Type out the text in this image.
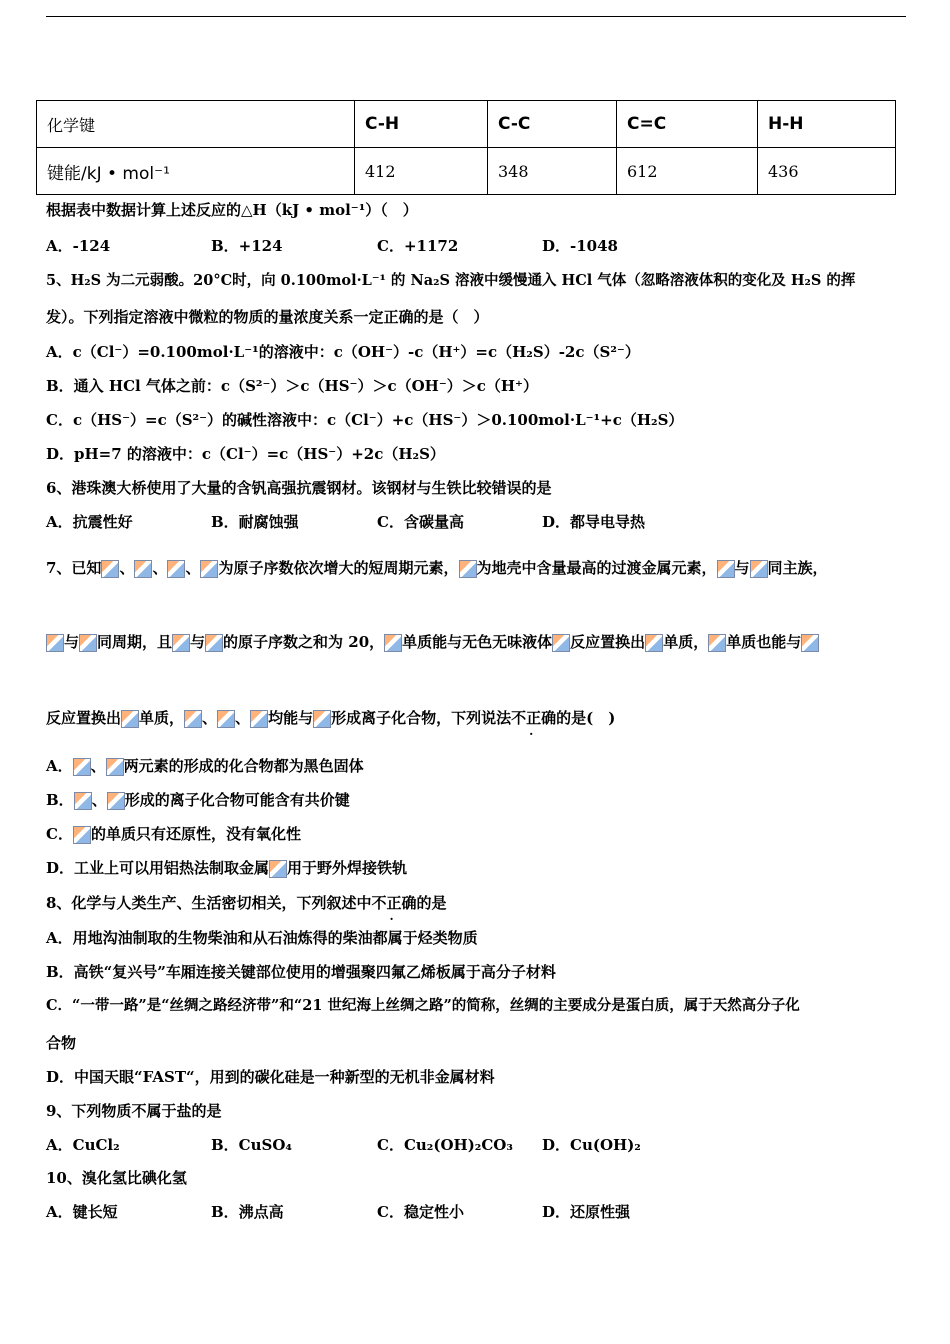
化学键	C-H	C-C	C=C	H-H
键能/kJ • mol⁻¹	412	348	612	436
根据表中数据计算上述反应的△H（kJ • mol⁻¹）（　）
A．-124	B．+124	C．+1172	D．-1048
5、H₂S 为二元弱酸。20°C时，向 0.100mol·L⁻¹ 的 Na₂S 溶液中缓慢通入 HCl 气体（忽略溶液体积的变化及 H₂S 的挥
发）。下列指定溶液中微粒的物质的量浓度关系一定正确的是（　）
A．c（Cl⁻）=0.100mol·L⁻¹的溶液中：c（OH⁻）-c（H⁺）=c（H₂S）-2c（S²⁻）
B．通入 HCl 气体之前：c（S²⁻）＞c（HS⁻）＞c（OH⁻）＞c（H⁺）
C．c（HS⁻）=c（S²⁻）的碱性溶液中：c（Cl⁻）+c（HS⁻）＞0.100mol·L⁻¹+c（H₂S）
D．pH=7 的溶液中：c（Cl⁻）=c（HS⁻）+2c（H₂S）
6、港珠澳大桥使用了大量的含钒高强抗震钢材。该钢材与生铁比较错误的是
A．抗震性好	B．耐腐蚀强	C．含碳量高	D．都导电导热
7、已知 、 、 、 为原子序数依次增大的短周期元素， 为地壳中含量最高的过渡金属元素， 与 同主族，
与 同周期，且 与 的原子序数之和为 20， 单质能与无色无味液体 反应置换出 单质， 单质也能与
反应置换出 单质， 、 、 均能与 形成离子化合物，下列说法不正确的是(　)
A． 、 两元素的形成的化合物都为黑色固体
B． 、 形成的离子化合物可能含有共价键
C． 的单质只有还原性，没有氧化性
D．工业上可以用铝热法制取金属 用于野外焊接铁轨
8、化学与人类生产、生活密切相关，下列叙述中不正确的是
A．用地沟油制取的生物柴油和从石油炼得的柴油都属于烃类物质
B．高铁“复兴号”车厢连接关键部位使用的增强聚四氟乙烯板属于高分子材料
C．“一带一路”是“丝绸之路经济带”和“21 世纪海上丝绸之路”的简称，丝绸的主要成分是蛋白质，属于天然高分子化
合物
D．中国天眼“FAST“，用到的碳化硅是一种新型的无机非金属材料
9、下列物质不属于盐的是
A．CuCl₂	B．CuSO₄	C．Cu₂(OH)₂CO₃ D．Cu(OH)₂
10、溴化氢比碘化氢
A．键长短	B．沸点高	C．稳定性小	D．还原性强
